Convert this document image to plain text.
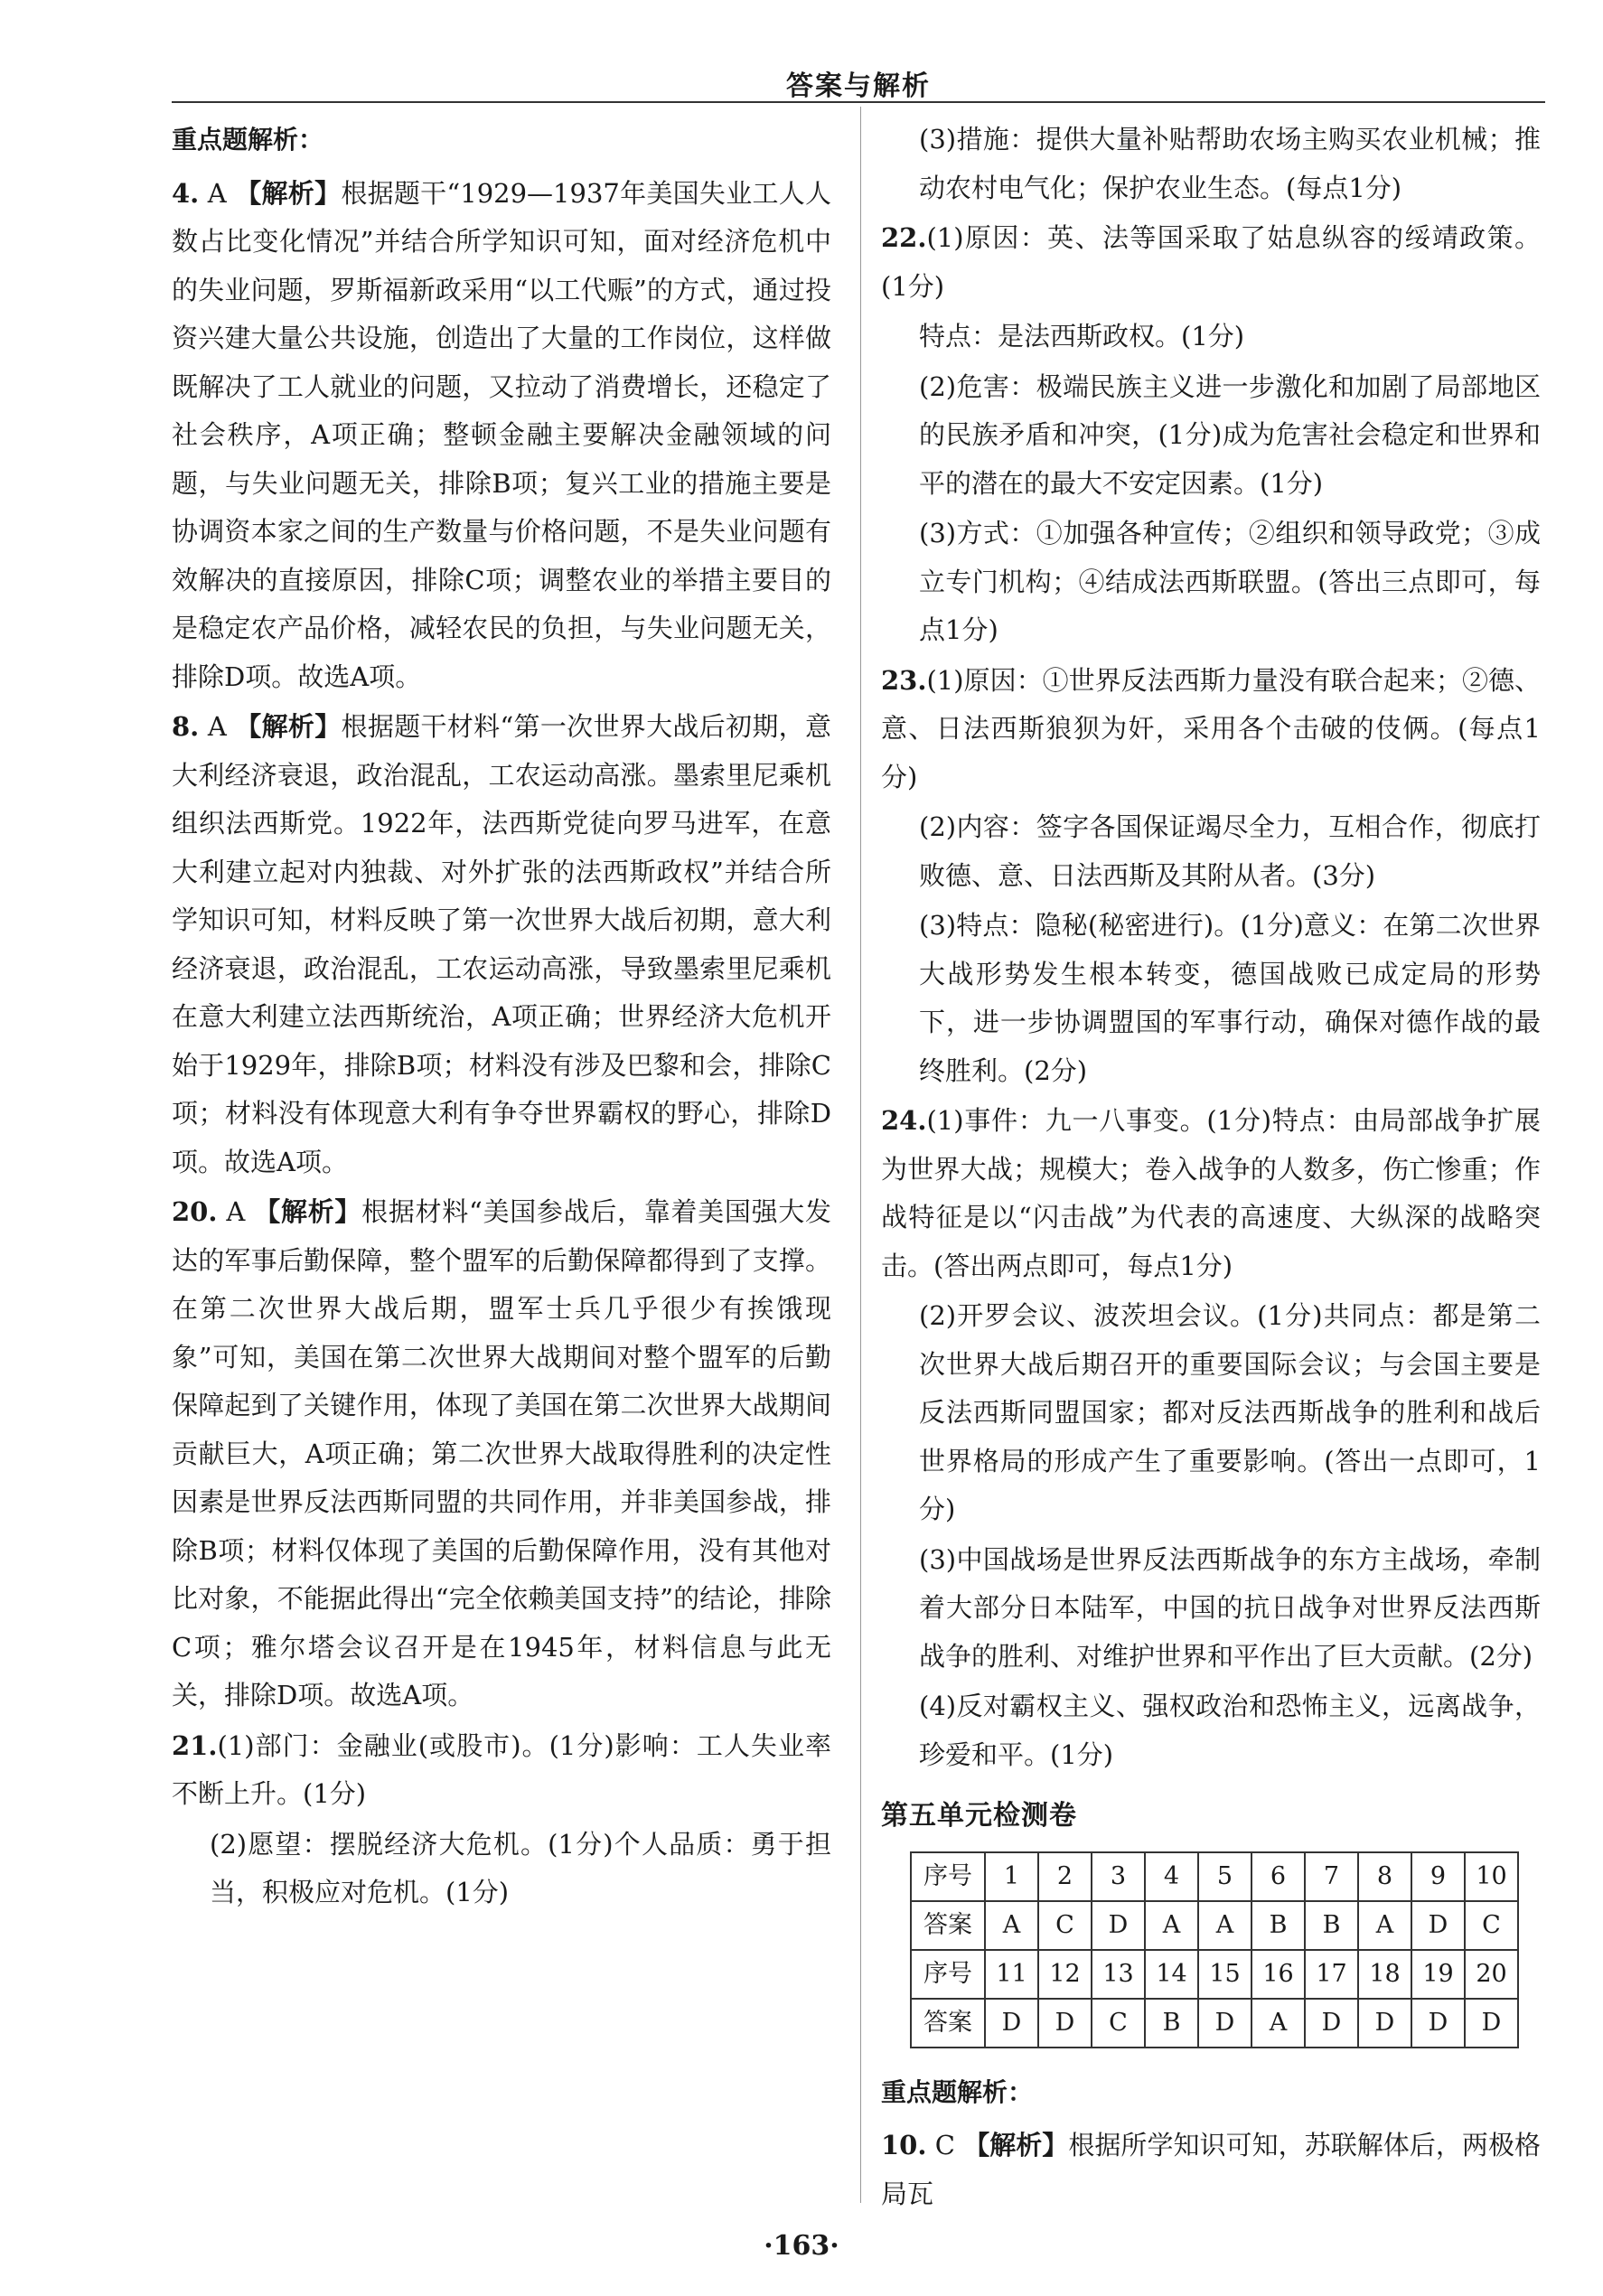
答案与解析

重点题解析：

4. A 【解析】根据题干“1929—1937年美国失业工人人数占比变化情况”并结合所学知识可知，面对经济危机中的失业问题，罗斯福新政采用“以工代赈”的方式，通过投资兴建大量公共设施，创造出了大量的工作岗位，这样做既解决了工人就业的问题，又拉动了消费增长，还稳定了社会秩序，A项正确；整顿金融主要解决金融领域的问题，与失业问题无关，排除B项；复兴工业的措施主要是协调资本家之间的生产数量与价格问题，不是失业问题有效解决的直接原因，排除C项；调整农业的举措主要目的是稳定农产品价格，减轻农民的负担，与失业问题无关，排除D项。故选A项。

8. A 【解析】根据题干材料“第一次世界大战后初期，意大利经济衰退，政治混乱，工农运动高涨。墨索里尼乘机组织法西斯党。1922年，法西斯党徒向罗马进军，在意大利建立起对内独裁、对外扩张的法西斯政权”并结合所学知识可知，材料反映了第一次世界大战后初期，意大利经济衰退，政治混乱，工农运动高涨，导致墨索里尼乘机在意大利建立法西斯统治，A项正确；世界经济大危机开始于1929年，排除B项；材料没有涉及巴黎和会，排除C项；材料没有体现意大利有争夺世界霸权的野心，排除D项。故选A项。

20. A 【解析】根据材料“美国参战后，靠着美国强大发达的军事后勤保障，整个盟军的后勤保障都得到了支撑。在第二次世界大战后期，盟军士兵几乎很少有挨饿现象”可知，美国在第二次世界大战期间对整个盟军的后勤保障起到了关键作用，体现了美国在第二次世界大战期间贡献巨大，A项正确；第二次世界大战取得胜利的决定性因素是世界反法西斯同盟的共同作用，并非美国参战，排除B项；材料仅体现了美国的后勤保障作用，没有其他对比对象，不能据此得出“完全依赖美国支持”的结论，排除C项；雅尔塔会议召开是在1945年，材料信息与此无关，排除D项。故选A项。

21.(1)部门：金融业(或股市)。(1分)影响：工人失业率不断上升。(1分)

(2)愿望：摆脱经济大危机。(1分)个人品质：勇于担当，积极应对危机。(1分)

(3)措施：提供大量补贴帮助农场主购买农业机械；推动农村电气化；保护农业生态。(每点1分)

22.(1)原因：英、法等国采取了姑息纵容的绥靖政策。(1分)

特点：是法西斯政权。(1分)

(2)危害：极端民族主义进一步激化和加剧了局部地区的民族矛盾和冲突，(1分)成为危害社会稳定和世界和平的潜在的最大不安定因素。(1分)

(3)方式：①加强各种宣传；②组织和领导政党；③成立专门机构；④结成法西斯联盟。(答出三点即可，每点1分)

23.(1)原因：①世界反法西斯力量没有联合起来；②德、意、日法西斯狼狈为奸，采用各个击破的伎俩。(每点1分)

(2)内容：签字各国保证竭尽全力，互相合作，彻底打败德、意、日法西斯及其附从者。(3分)

(3)特点：隐秘(秘密进行)。(1分)意义：在第二次世界大战形势发生根本转变，德国战败已成定局的形势下，进一步协调盟国的军事行动，确保对德作战的最终胜利。(2分)

24.(1)事件：九一八事变。(1分)特点：由局部战争扩展为世界大战；规模大；卷入战争的人数多，伤亡惨重；作战特征是以“闪击战”为代表的高速度、大纵深的战略突击。(答出两点即可，每点1分)

(2)开罗会议、波茨坦会议。(1分)共同点：都是第二次世界大战后期召开的重要国际会议；与会国主要是反法西斯同盟国家；都对反法西斯战争的胜利和战后世界格局的形成产生了重要影响。(答出一点即可，1分)

(3)中国战场是世界反法西斯战争的东方主战场，牵制着大部分日本陆军，中国的抗日战争对世界反法西斯战争的胜利、对维护世界和平作出了巨大贡献。(2分)

(4)反对霸权主义、强权政治和恐怖主义，远离战争，珍爱和平。(1分)

第五单元检测卷

序号	1	2	3	4	5	6	7	8	9	10
答案	A	C	D	A	A	B	B	A	D	C
序号	11	12	13	14	15	16	17	18	19	20
答案	D	D	C	B	D	A	D	D	D	D

重点题解析：

10. C 【解析】根据所学知识可知，苏联解体后，两极格局瓦

·163·
